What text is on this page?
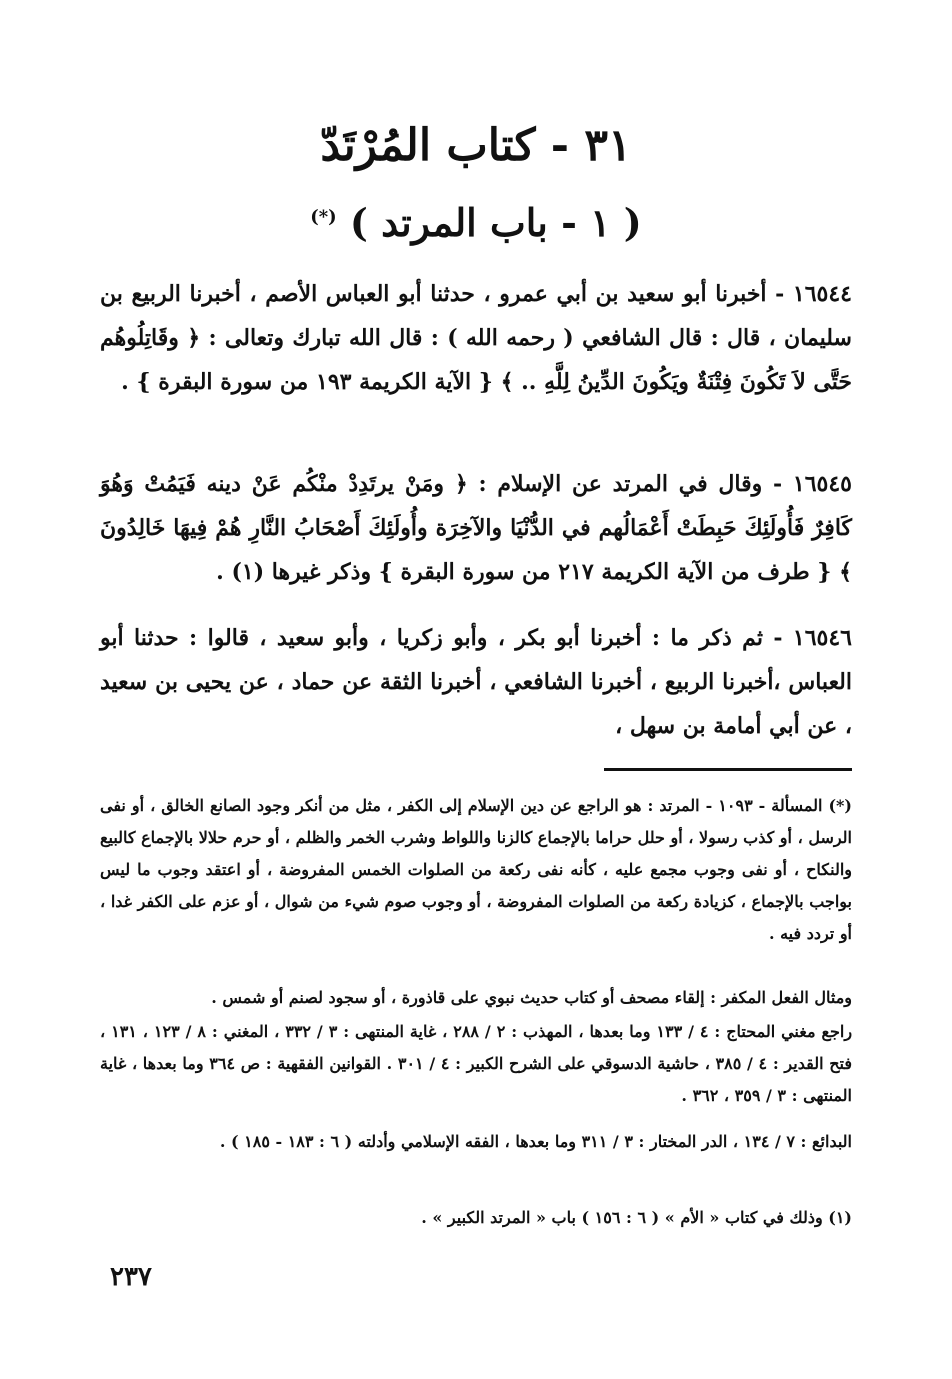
٣١ - كتاب المُرْتَدّ
( ١ - باب المرتد ) (*)
١٦٥٤٤ - أخبرنا أبو سعيد بن أبي عمرو ، حدثنا أبو العباس الأصم ، أخبرنا الربيع بن سليمان ، قال : قال الشافعي ( رحمه الله ) : قال الله تبارك وتعالى : ﴿ وقَاتِلُوهُم حَتَّى لاَ تَكُونَ فِتْنَةٌ ويَكُونَ الدِّينُ لِلَّهِ .. ﴾ { الآية الكريمة ١٩٣ من سورة البقرة } .
١٦٥٤٥ - وقال في المرتد عن الإسلام : ﴿ ومَنْ يرتَدِدْ منْكُم عَنْ دينه فَيَمُتْ وَهُوَ كَافِرٌ فَأُولَئِكَ حَبِطَتْ أَعْمَالُهم في الدُّنْيَا والآخِرَة وأُولَئِكَ أَصْحَابُ النَّارِ هُمْ فِيهَا خَالِدُونَ ﴾ { طرف من الآية الكريمة ٢١٧ من سورة البقرة } وذكر غيرها (١) .
١٦٥٤٦ - ثم ذكر ما : أخبرنا أبو بكر ، وأبو زكريا ، وأبو سعيد ، قالوا : حدثنا أبو العباس ،أخبرنا الربيع ، أخبرنا الشافعي ، أخبرنا الثقة عن حماد ، عن يحيى بن سعيد ، عن أبي أمامة بن سهل ،
(*) المسألة - ١٠٩٣ - المرتد : هو الراجع عن دين الإسلام إلى الكفر ، مثل من أنكر وجود الصانع الخالق ، أو نفى الرسل ، أو كذب رسولا ، أو حلل حراما بالإجماع كالزنا واللواط وشرب الخمر والظلم ، أو حرم حلالا بالإجماع كالبيع والنكاح ، أو نفى وجوب مجمع عليه ، كأنه نفى ركعة من الصلوات الخمس المفروضة ، أو اعتقد وجوب ما ليس بواجب بالإجماع ، كزيادة ركعة من الصلوات المفروضة ، أو وجوب صوم شيء من شوال ، أو عزم على الكفر غدا ، أو تردد فيه .
ومثال الفعل المكفر : إلقاء مصحف أو كتاب حديث نبوي على قاذورة ، أو سجود لصنم أو شمس .
راجع مغني المحتاج : ٤ / ١٣٣ وما بعدها ، المهذب : ٢ / ٢٨٨ ، غاية المنتهى : ٣ / ٣٣٢ ، المغني : ٨ / ١٢٣ ، ١٣١ ، فتح القدير : ٤ / ٣٨٥ ، حاشية الدسوقي على الشرح الكبير : ٤ / ٣٠١ . القوانين الفقهية : ص ٣٦٤ وما بعدها ، غاية المنتهى : ٣ / ٣٥٩ ، ٣٦٢ .
البدائع : ٧ / ١٣٤ ، الدر المختار : ٣ / ٣١١ وما بعدها ، الفقه الإسلامي وأدلته ( ٦ : ١٨٣ - ١٨٥ ) .
(١) وذلك في كتاب « الأم » ( ٦ : ١٥٦ ) باب « المرتد الكبير » .
٢٣٧
